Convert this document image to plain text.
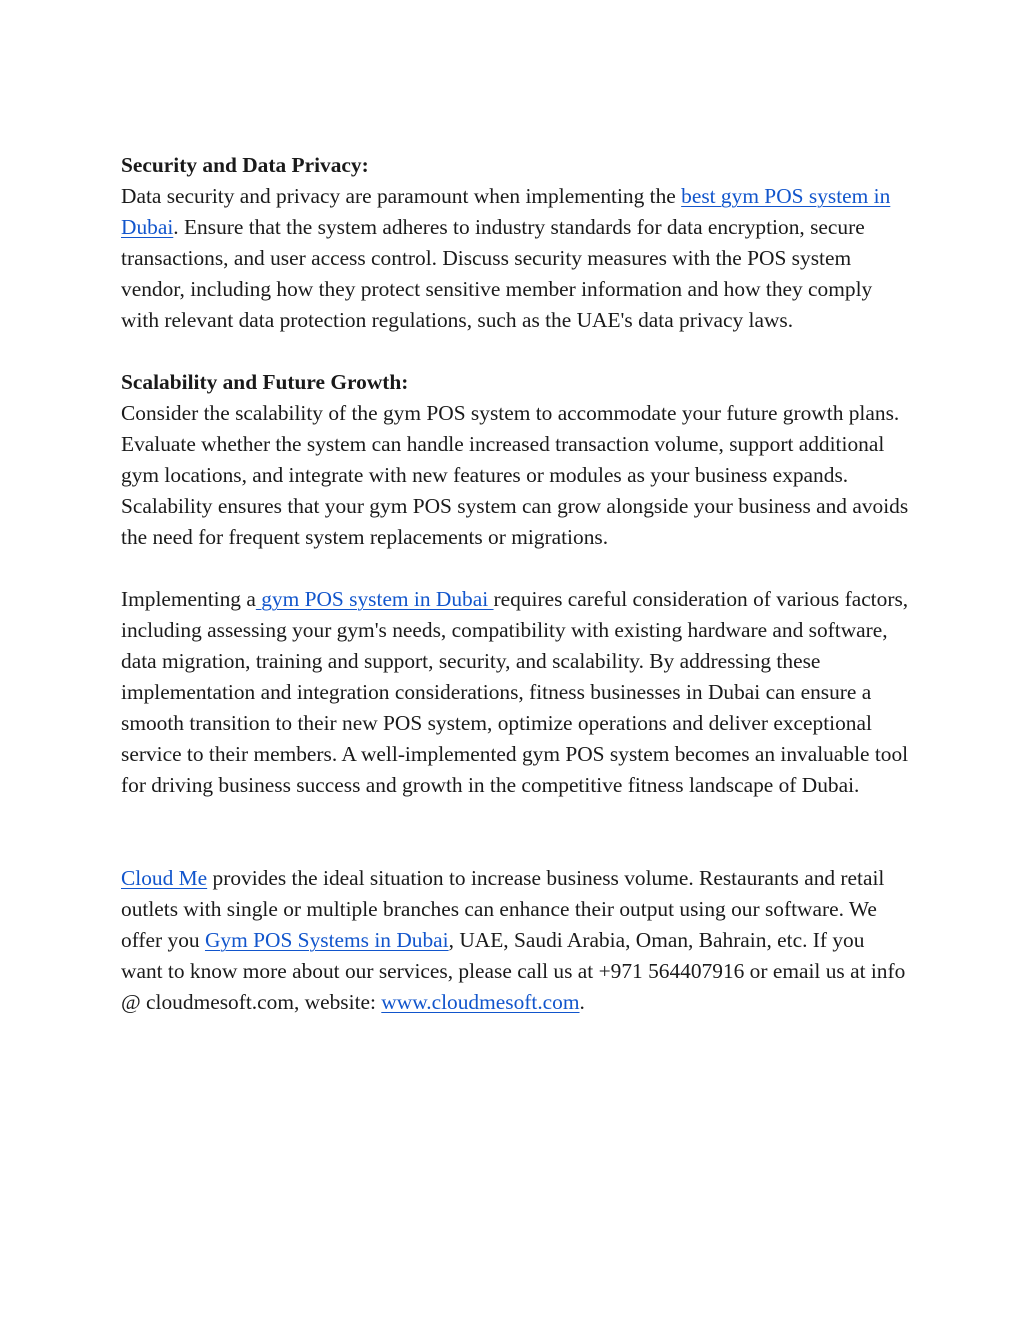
Security and Data Privacy:

Data security and privacy are paramount when implementing the best gym POS system in Dubai. Ensure that the system adheres to industry standards for data encryption, secure transactions, and user access control. Discuss security measures with the POS system vendor, including how they protect sensitive member information and how they comply with relevant data protection regulations, such as the UAE's data privacy laws.

Scalability and Future Growth:

Consider the scalability of the gym POS system to accommodate your future growth plans. Evaluate whether the system can handle increased transaction volume, support additional gym locations, and integrate with new features or modules as your business expands. Scalability ensures that your gym POS system can grow alongside your business and avoids the need for frequent system replacements or migrations.

Implementing a gym POS system in Dubai requires careful consideration of various factors, including assessing your gym's needs, compatibility with existing hardware and software, data migration, training and support, security, and scalability. By addressing these implementation and integration considerations, fitness businesses in Dubai can ensure a smooth transition to their new POS system, optimize operations and deliver exceptional service to their members. A well-implemented gym POS system becomes an invaluable tool for driving business success and growth in the competitive fitness landscape of Dubai.

Cloud Me provides the ideal situation to increase business volume. Restaurants and retail outlets with single or multiple branches can enhance their output using our software. We offer you Gym POS Systems in Dubai, UAE, Saudi Arabia, Oman, Bahrain, etc. If you want to know more about our services, please call us at +971 564407916 or email us at info @ cloudmesoft.com, website: www.cloudmesoft.com.
